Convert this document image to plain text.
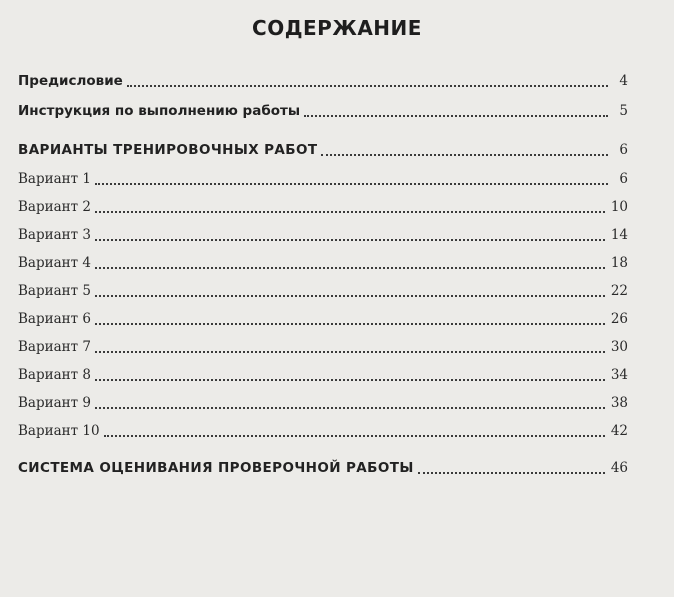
СОДЕРЖАНИЕ
Предисловие	4
Инструкция по выполнению работы	5
ВАРИАНТЫ ТРЕНИРОВОЧНЫХ РАБОТ	6
Вариант 1	6
Вариант 2	10
Вариант 3	14
Вариант 4	18
Вариант 5	22
Вариант 6	26
Вариант 7	30
Вариант 8	34
Вариант 9	38
Вариант 10	42
СИСТЕМА ОЦЕНИВАНИЯ ПРОВЕРОЧНОЙ РАБОТЫ	46
